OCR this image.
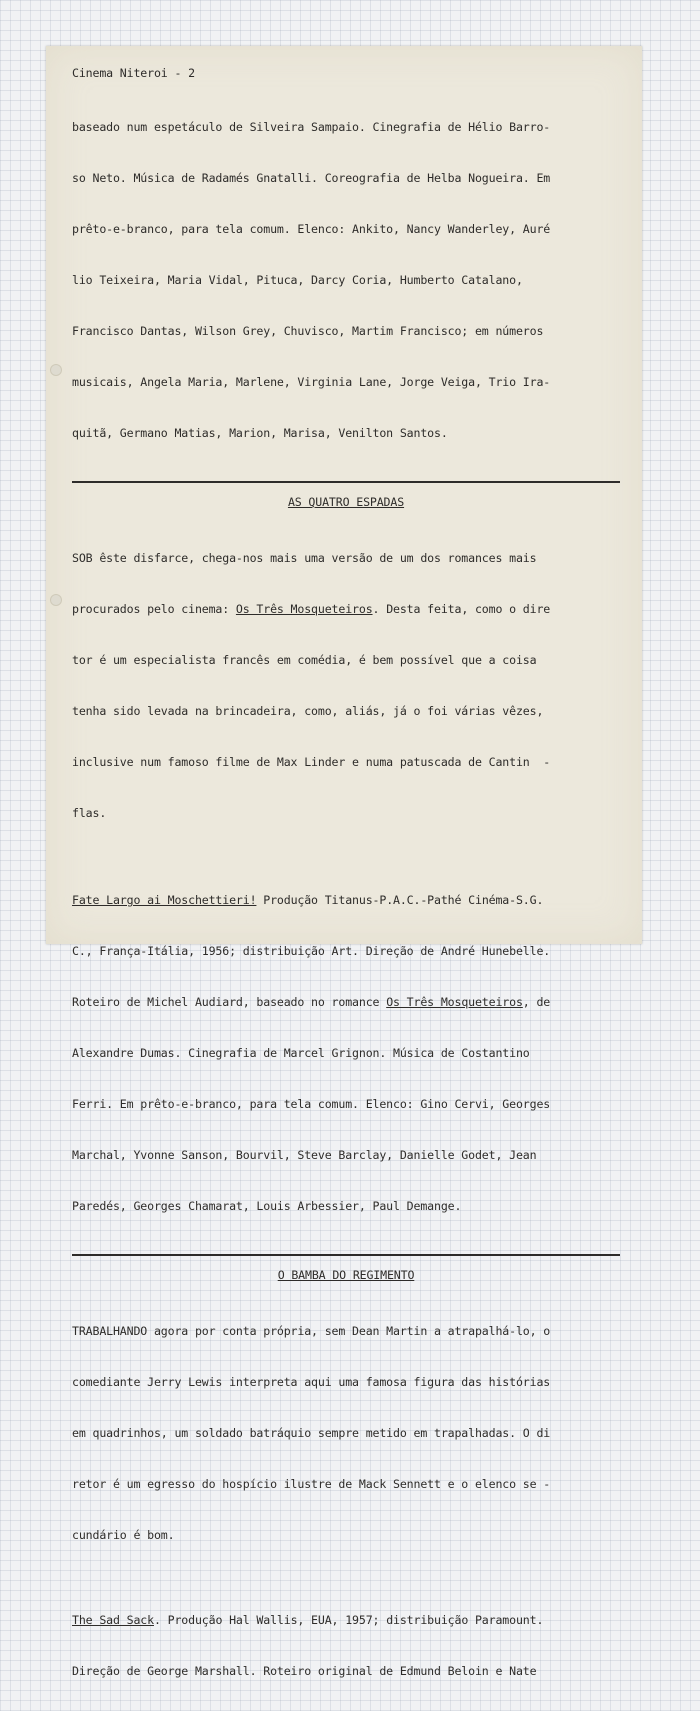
Cinema Niteroi - 2

baseado num espetáculo de Silveira Sampaio. Cinegrafia de Hélio Barro-

so Neto. Música de Radamés Gnatalli. Coreografia de Helba Nogueira. Em

prêto-e-branco, para tela comum. Elenco: Ankito, Nancy Wanderley, Auré

lio Teixeira, Maria Vidal, Pituca, Darcy Coria, Humberto Catalano,

Francisco Dantas, Wilson Grey, Chuvisco, Martim Francisco; em números

musicais, Angela Maria, Marlene, Virginia Lane, Jorge Veiga, Trio Ira-

quitã, Germano Matias, Marion, Marisa, Venilton Santos.

AS QUATRO ESPADAS

SOB êste disfarce, chega-nos mais uma versão de um dos romances mais

procurados pelo cinema: Os Três Mosqueteiros. Desta feita, como o dire

tor é um especialista francês em comédia, é bem possível que a coisa

tenha sido levada na brincadeira, como, aliás, já o foi várias vêzes,

inclusive num famoso filme de Max Linder e numa patuscada de Cantin  -

flas.

Fate Largo ai Moschettieri! Produção Titanus-P.A.C.-Pathé Cinéma-S.G.

C., França-Itália, 1956; distribuição Art. Direção de André Hunebelle.

Roteiro de Michel Audiard, baseado no romance Os Três Mosqueteiros, de

Alexandre Dumas. Cinegrafia de Marcel Grignon. Música de Costantino

Ferri. Em prêto-e-branco, para tela comum. Elenco: Gino Cervi, Georges

Marchal, Yvonne Sanson, Bourvil, Steve Barclay, Danielle Godet, Jean

Paredés, Georges Chamarat, Louis Arbessier, Paul Demange.

O BAMBA DO REGIMENTO

TRABALHANDO agora por conta própria, sem Dean Martin a atrapalhá-lo, o

comediante Jerry Lewis interpreta aqui uma famosa figura das histórias

em quadrinhos, um soldado batráquio sempre metido em trapalhadas. O di

retor é um egresso do hospício ilustre de Mack Sennett e o elenco se -

cundário é bom.

The Sad Sack. Produção Hal Wallis, EUA, 1957; distribuição Paramount.

Direção de George Marshall. Roteiro original de Edmund Beloin e Nate
